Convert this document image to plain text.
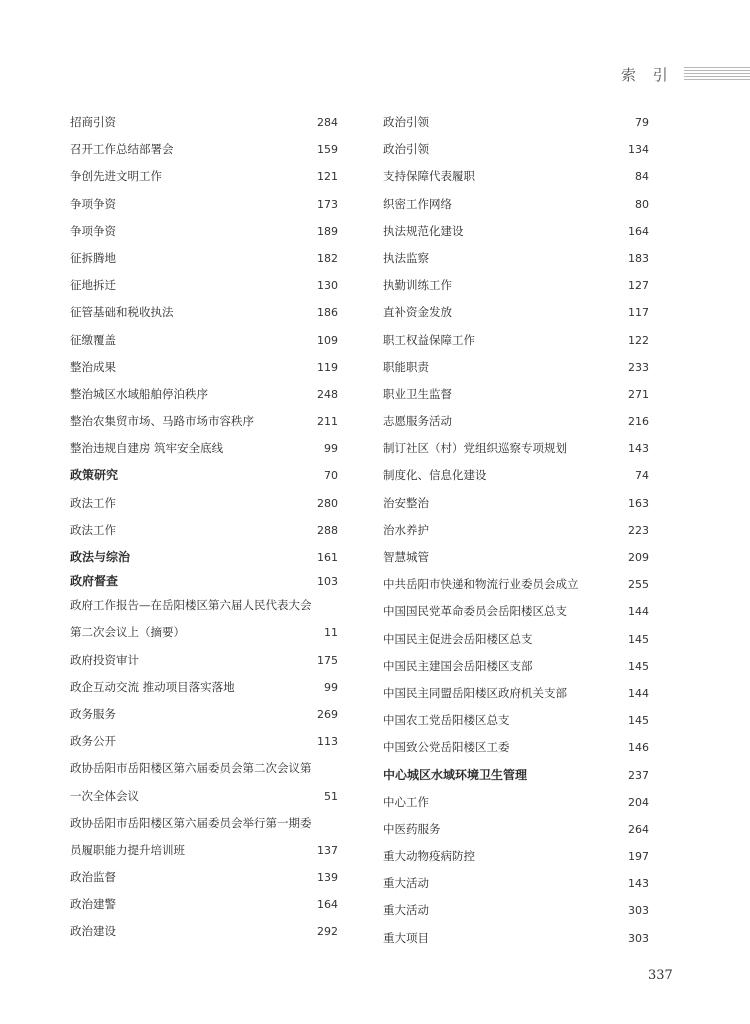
索 引
招商引资	284
召开工作总结部署会	159
争创先进文明工作	121
争项争资	173
争项争资	189
征拆腾地	182
征地拆迁	130
征管基础和税收执法	186
征缴覆盖	109
整治成果	119
整治城区水域船舶停泊秩序	248
整治农集贸市场、马路市场市容秩序	211
整治违规自建房 筑牢安全底线	99
政策研究	70
政法工作	280
政法工作	288
政法与综治	161
政府督查	103
政府工作报告—在岳阳楼区第六届人民代表大会
第二次会议上（摘要）	11
政府投资审计	175
政企互动交流 推动项目落实落地	99
政务服务	269
政务公开	113
政协岳阳市岳阳楼区第六届委员会第二次会议第
一次全体会议	51
政协岳阳市岳阳楼区第六届委员会举行第一期委
员履职能力提升培训班	137
政治监督	139
政治建警	164
政治建设	292
政治引领	79
政治引领	134
支持保障代表履职	84
织密工作网络	80
执法规范化建设	164
执法监察	183
执勤训练工作	127
直补资金发放	117
职工权益保障工作	122
职能职责	233
职业卫生监督	271
志愿服务活动	216
制订社区（村）党组织巡察专项规划	143
制度化、信息化建设	74
治安整治	163
治水养护	223
智慧城管	209
中共岳阳市快递和物流行业委员会成立	255
中国国民党革命委员会岳阳楼区总支	144
中国民主促进会岳阳楼区总支	145
中国民主建国会岳阳楼区支部	145
中国民主同盟岳阳楼区政府机关支部	144
中国农工党岳阳楼区总支	145
中国致公党岳阳楼区工委	146
中心城区水域环境卫生管理	237
中心工作	204
中医药服务	264
重大动物疫病防控	197
重大活动	143
重大活动	303
重大项目	303
337
